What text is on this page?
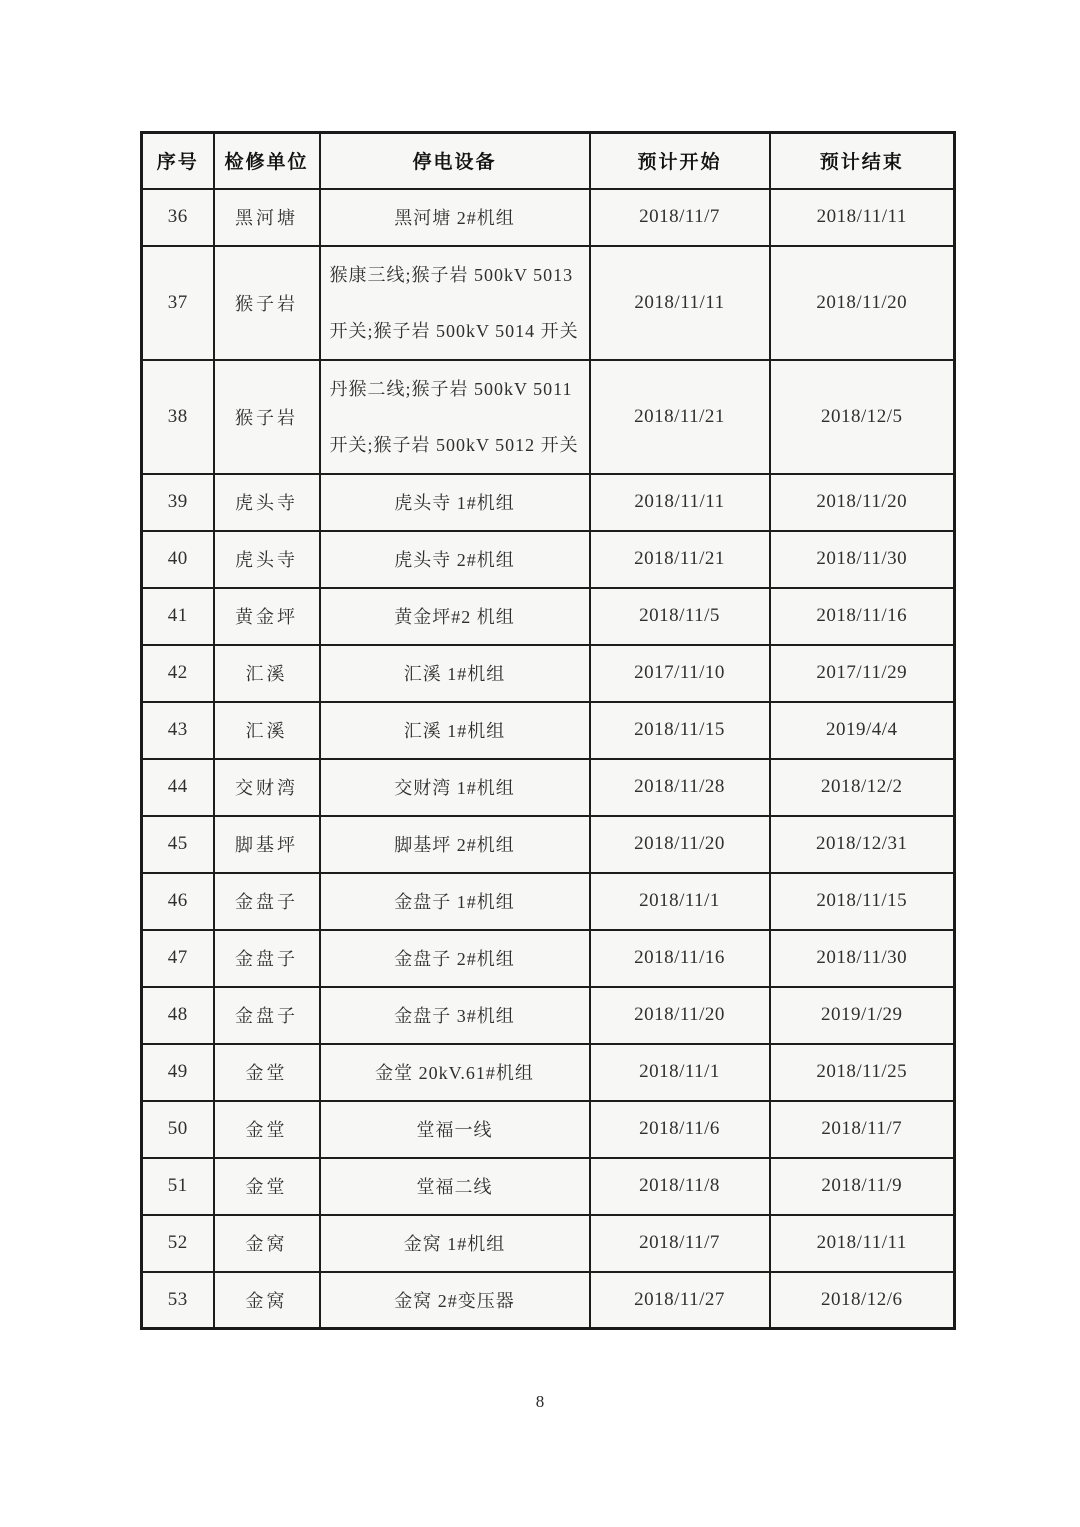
序号	检修单位	停电设备	预计开始	预计结束
36	黑河塘	黑河塘 2#机组	2018/11/7	2018/11/11
37	猴子岩	猴康三线;猴子岩 500kV 5013 开关;猴子岩 500kV 5014 开关	2018/11/11	2018/11/20
38	猴子岩	丹猴二线;猴子岩 500kV 5011 开关;猴子岩 500kV 5012 开关	2018/11/21	2018/12/5
39	虎头寺	虎头寺 1#机组	2018/11/11	2018/11/20
40	虎头寺	虎头寺 2#机组	2018/11/21	2018/11/30
41	黄金坪	黄金坪#2 机组	2018/11/5	2018/11/16
42	汇溪	汇溪 1#机组	2017/11/10	2017/11/29
43	汇溪	汇溪 1#机组	2018/11/15	2019/4/4
44	交财湾	交财湾 1#机组	2018/11/28	2018/12/2
45	脚基坪	脚基坪 2#机组	2018/11/20	2018/12/31
46	金盘子	金盘子 1#机组	2018/11/1	2018/11/15
47	金盘子	金盘子 2#机组	2018/11/16	2018/11/30
48	金盘子	金盘子 3#机组	2018/11/20	2019/1/29
49	金堂	金堂 20kV.61#机组	2018/11/1	2018/11/25
50	金堂	堂福一线	2018/11/6	2018/11/7
51	金堂	堂福二线	2018/11/8	2018/11/9
52	金窝	金窝 1#机组	2018/11/7	2018/11/11
53	金窝	金窝 2#变压器	2018/11/27	2018/12/6
8
